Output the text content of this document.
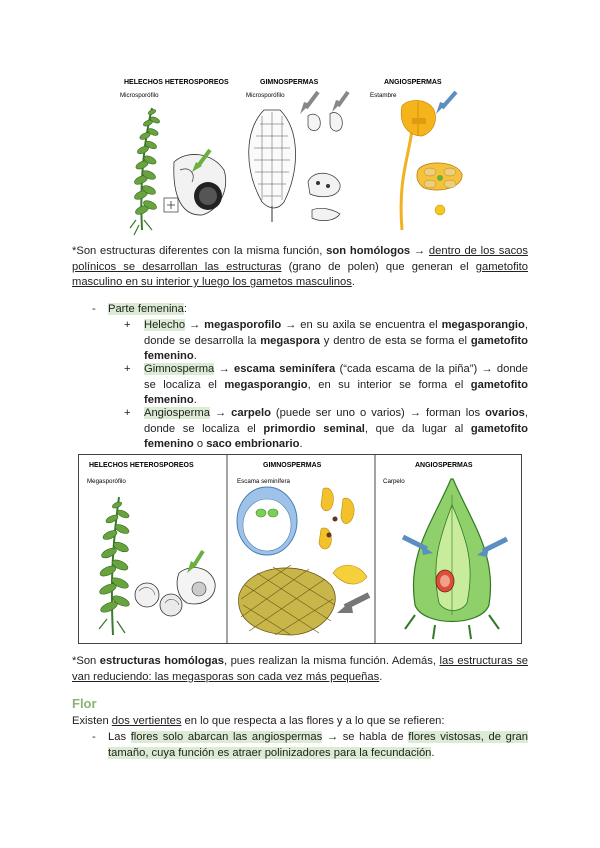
HELECHOS HETEROSPOREOS	GIMNOSPERMAS	ANGIOSPERMAS
Microsporófilo	Microsporófilo	Estambre
*Son estructuras diferentes con la misma función, son homólogos → dentro de los sacos polínicos se desarrollan las estructuras (grano de polen) que generan el gametofito masculino en su interior y luego los gametos masculinos.
- Parte femenina:
+ Helecho → megasporofilo → en su axila se encuentra el megasporangio, donde se desarrolla la megaspora y dentro de esta se forma el gametofito femenino.
+ Gimnosperma → escama seminífera (“cada escama de la piña”) → donde se localiza el megasporangio, en su interior se forma el gametofito femenino.
+ Angiosperma → carpelo (puede ser uno o varios) → forman los ovarios, donde se localiza el primordio seminal, que da lugar al gametofito femenino o saco embrionario.
HELECHOS HETEROSPOREOS	GIMNOSPERMAS	ANGIOSPERMAS
Megasporófilo	Escama seminífera	Carpelo
*Son estructuras homólogas, pues realizan la misma función. Además, las estructuras se van reduciendo: las megasporas son cada vez más pequeñas.
Flor
Existen dos vertientes en lo que respecta a las flores y a lo que se refieren:
- Las flores solo abarcan las angiospermas → se habla de flores vistosas, de gran tamaño, cuya función es atraer polinizadores para la fecundación.
